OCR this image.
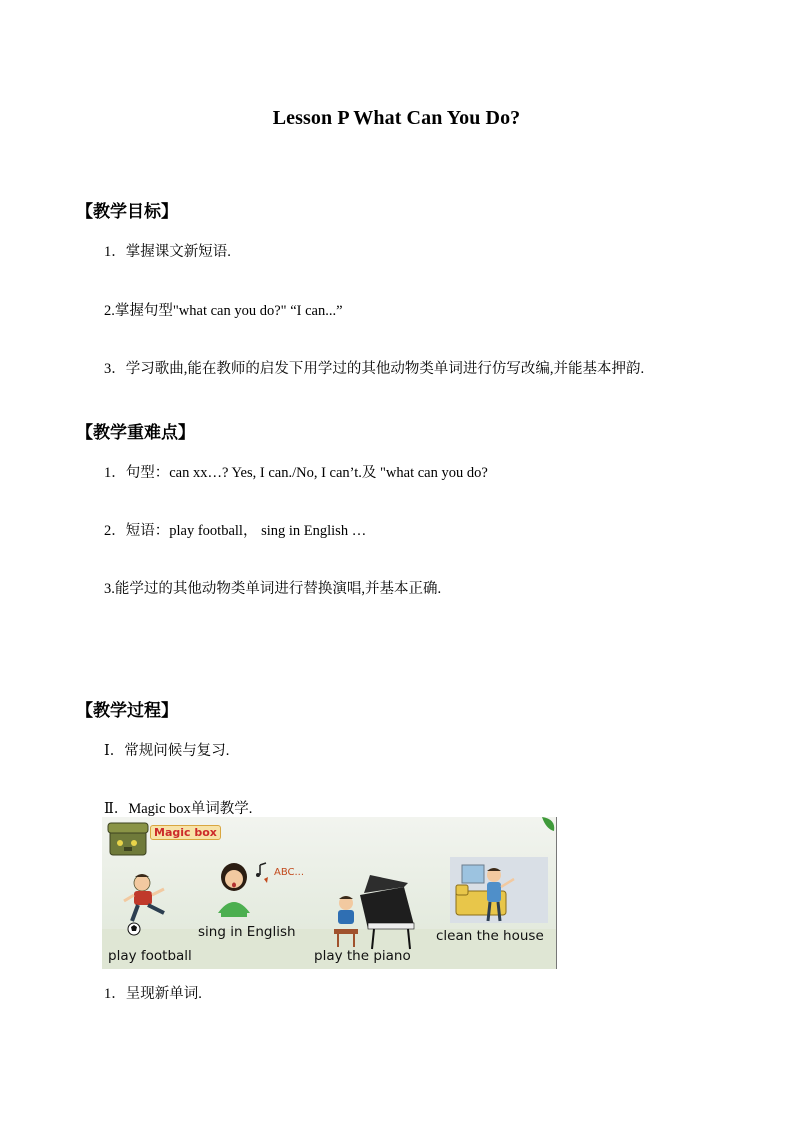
Lesson P What Can You Do?
【教学目标】
1．掌握课文新短语.
2.掌握句型"what can you do?" “I can...”
3．学习歌曲,能在教师的启发下用学过的其他动物类单词进行仿写改编,并能基本押韵.
【教学重难点】
1．句型：can xx…? Yes, I can./No, I can’t.及 "what can you do?
2．短语：play football， sing in English …
3.能学过的其他动物类单词进行替换演唱,并基本正确.
【教学过程】
Ⅰ．常规问候与复习.
Ⅱ．Magic box单词教学.
Magic box
ABC...
play football
sing in English
play the piano
clean the house
1．呈现新单词.
